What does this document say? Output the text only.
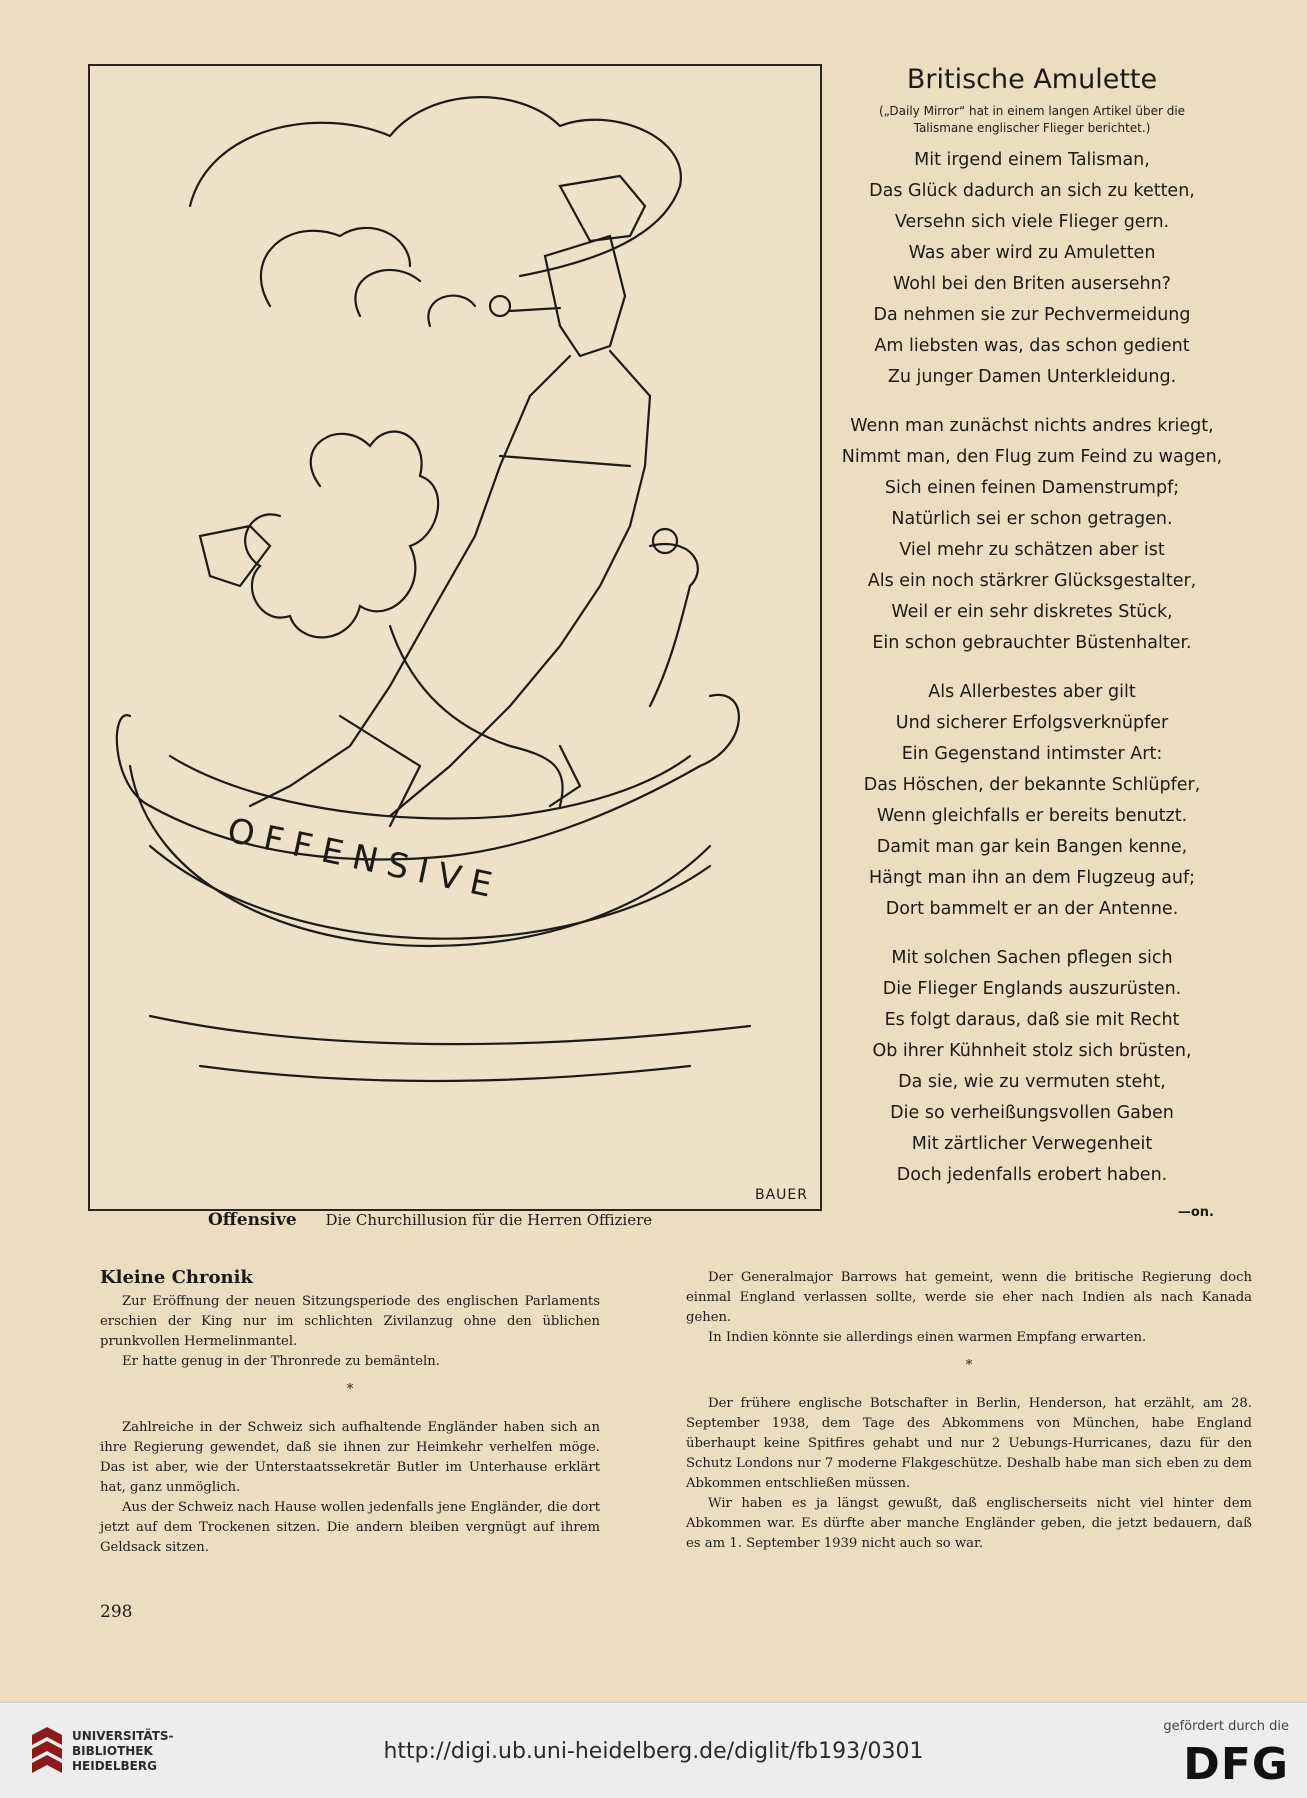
OFFENSIVE
BAUER
Offensive Die Churchillusion für die Herren Offiziere
Britische Amulette
(„Daily Mirror“ hat in einem langen Artikel über die
Talismane englischer Flieger berichtet.)
Mit irgend einem Talisman,
Das Glück dadurch an sich zu ketten,
Versehn sich viele Flieger gern.
Was aber wird zu Amuletten
Wohl bei den Briten ausersehn?
Da nehmen sie zur Pechvermeidung
Am liebsten was, das schon gedient
Zu junger Damen Unterkleidung.
Wenn man zunächst nichts andres kriegt,
Nimmt man, den Flug zum Feind zu wagen,
Sich einen feinen Damenstrumpf;
Natürlich sei er schon getragen.
Viel mehr zu schätzen aber ist
Als ein noch stärkrer Glücksgestalter,
Weil er ein sehr diskretes Stück,
Ein schon gebrauchter Büstenhalter.
Als Allerbestes aber gilt
Und sicherer Erfolgsverknüpfer
Ein Gegenstand intimster Art:
Das Höschen, der bekannte Schlüpfer,
Wenn gleichfalls er bereits benutzt.
Damit man gar kein Bangen kenne,
Hängt man ihn an dem Flugzeug auf;
Dort bammelt er an der Antenne.
Mit solchen Sachen pflegen sich
Die Flieger Englands auszurüsten.
Es folgt daraus, daß sie mit Recht
Ob ihrer Kühnheit stolz sich brüsten,
Da sie, wie zu vermuten steht,
Die so verheißungsvollen Gaben
Mit zärtlicher Verwegenheit
Doch jedenfalls erobert haben.
—on.
Kleine Chronik

Zur Eröffnung der neuen Sitzungsperiode des englischen Parlaments erschien der King nur im schlichten Zivilanzug ohne den üblichen prunkvollen Hermelinmantel.

Er hatte genug in der Thronrede zu bemänteln.

*

Zahlreiche in der Schweiz sich aufhaltende Engländer haben sich an ihre Regierung gewendet, daß sie ihnen zur Heimkehr verhelfen möge. Das ist aber, wie der Unterstaatssekretär Butler im Unterhause erklärt hat, ganz unmöglich.

Aus der Schweiz nach Hause wollen jedenfalls jene Engländer, die dort jetzt auf dem Trockenen sitzen. Die andern bleiben vergnügt auf ihrem Geldsack sitzen.

Der Generalmajor Barrows hat gemeint, wenn die britische Regierung doch einmal England verlassen sollte, werde sie eher nach Indien als nach Kanada gehen.

In Indien könnte sie allerdings einen warmen Empfang erwarten.

*

Der frühere englische Botschafter in Berlin, Henderson, hat erzählt, am 28. September 1938, dem Tage des Abkommens von München, habe England überhaupt keine Spitfires gehabt und nur 2 Uebungs-Hurricanes, dazu für den Schutz Londons nur 7 moderne Flakgeschütze. Deshalb habe man sich eben zu dem Abkommen entschließen müssen.

Wir haben es ja längst gewußt, daß englischerseits nicht viel hinter dem Abkommen war. Es dürfte aber manche Engländer geben, die jetzt bedauern, daß es am 1. September 1939 nicht auch so war.

298
UNIVERSITÄTS-
BIBLIOTHEK
HEIDELBERG
http://digi.ub.uni-heidelberg.de/diglit/fb193/0301
gefördert durch die
DFG
